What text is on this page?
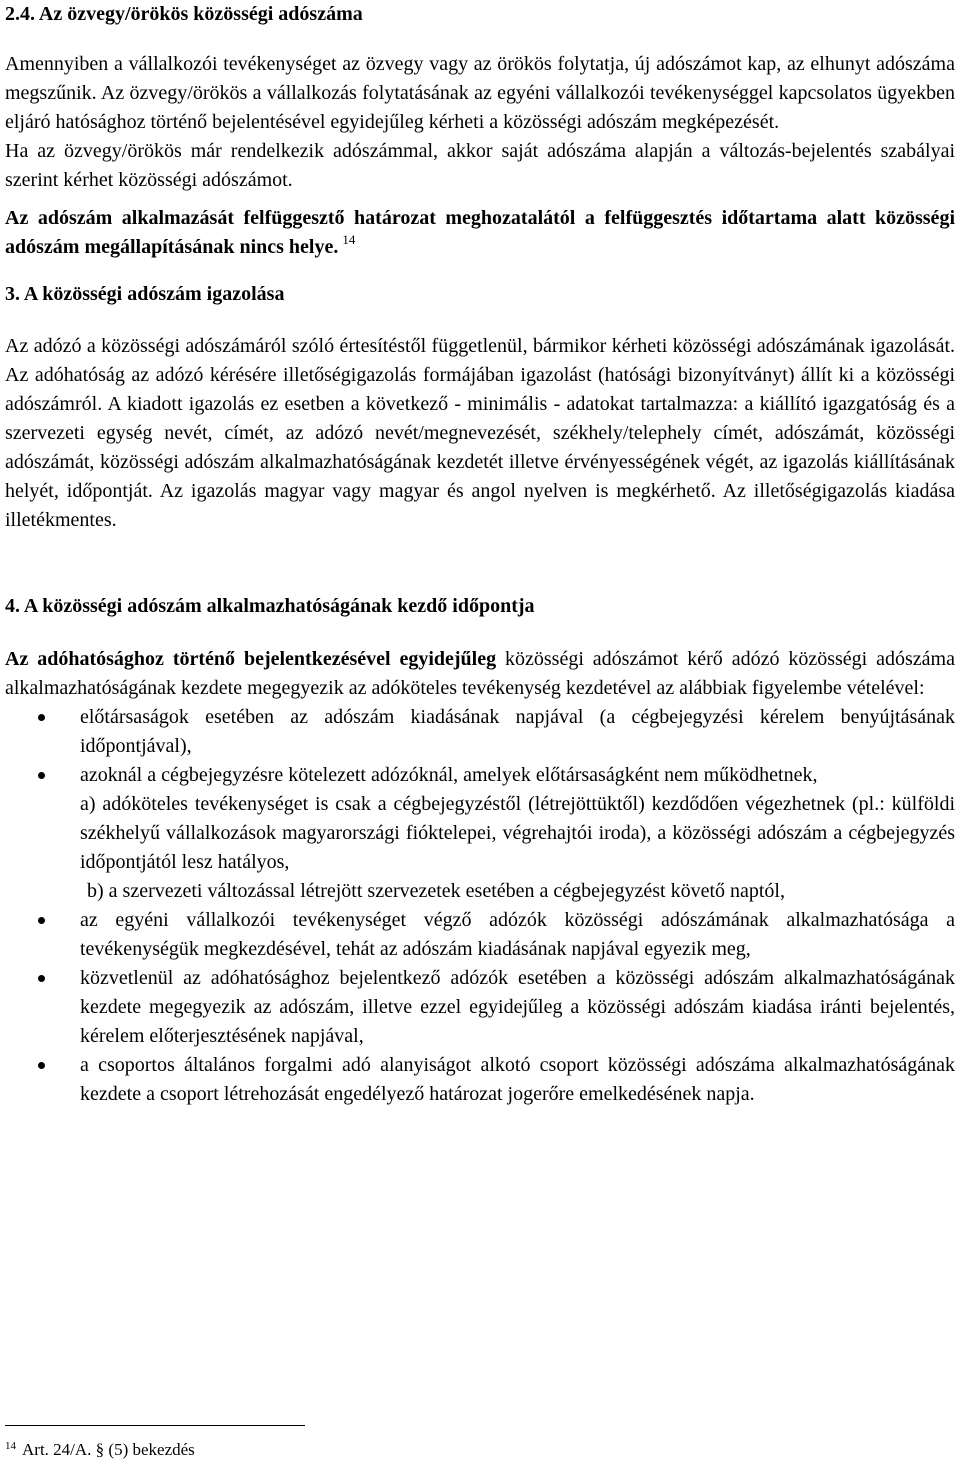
2.4. Az özvegy/örökös közösségi adószáma
Amennyiben a vállalkozói tevékenységet az özvegy vagy az örökös folytatja, új adószámot kap, az elhunyt adószáma megszűnik. Az özvegy/örökös a vállalkozás folytatásának az egyéni vállalkozói tevékenységgel kapcsolatos ügyekben eljáró hatósághoz történő bejelentésével egyidejűleg kérheti a közösségi adószám megképezését.
Ha az özvegy/örökös már rendelkezik adószámmal, akkor saját adószáma alapján a változás-bejelentés szabályai szerint kérhet közösségi adószámot.
Az adószám alkalmazását felfüggesztő határozat meghozatalától a felfüggesztés időtartama alatt közösségi adószám megállapításának nincs helye. $^{14}$
3. A közösségi adószám igazolása
Az adózó a közösségi adószámáról szóló értesítéstől függetlenül, bármikor kérheti közösségi adószámának igazolását. Az adóhatóság az adózó kérésére illetőségigazolás formájában igazolást (hatósági bizonyítványt) állít ki a közösségi adószámról. A kiadott igazolás ez esetben a következő - minimális - adatokat tartalmazza: a kiállító igazgatóság és a szervezeti egység nevét, címét, az adózó nevét/megnevezését, székhely/telephely címét, adószámát, közösségi adószámát, közösségi adószám alkalmazhatóságának kezdetét illetve érvényességének végét, az igazolás kiállításának helyét, időpontját. Az igazolás magyar vagy magyar és angol nyelven is megkérhető. Az illetőségigazolás kiadása illetékmentes.
4. A közösségi adószám alkalmazhatóságának kezdő időpontja
Az adóhatósághoz történő bejelentkezésével egyidejűleg közösségi adószámot kérő adózó közösségi adószáma alkalmazhatóságának kezdete megegyezik az adóköteles tevékenység kezdetével az alábbiak figyelembe vételével:
előtársaságok esetében az adószám kiadásának napjával (a cégbejegyzési kérelem benyújtásának időpontjával),
azoknál a cégbejegyzésre kötelezett adózóknál, amelyek előtársaságként nem működhetnek,
a) adóköteles tevékenységet is csak a cégbejegyzéstől (létrejöttüktől) kezdődően végezhetnek (pl.: külföldi székhelyű vállalkozások magyarországi fióktelepei, végrehajtói iroda), a közösségi adószám a cégbejegyzés időpontjától lesz hatályos,
b) a szervezeti változással létrejött szervezetek esetében a cégbejegyzést követő naptól,
az egyéni vállalkozói tevékenységet végző adózók közösségi adószámának alkalmazhatósága a tevékenységük megkezdésével, tehát az adószám kiadásának napjával egyezik meg,
közvetlenül az adóhatósághoz bejelentkező adózók esetében a közösségi adószám alkalmazhatóságának kezdete megegyezik az adószám, illetve ezzel egyidejűleg a közösségi adószám kiadása iránti bejelentés, kérelem előterjesztésének napjával,
a csoportos általános forgalmi adó alanyiságot alkotó csoport közösségi adószáma alkalmazhatóságának kezdete a csoport létrehozását engedélyező határozat jogerőre emelkedésének napja.
$^{14}$ Art. 24/A. § (5) bekezdés
